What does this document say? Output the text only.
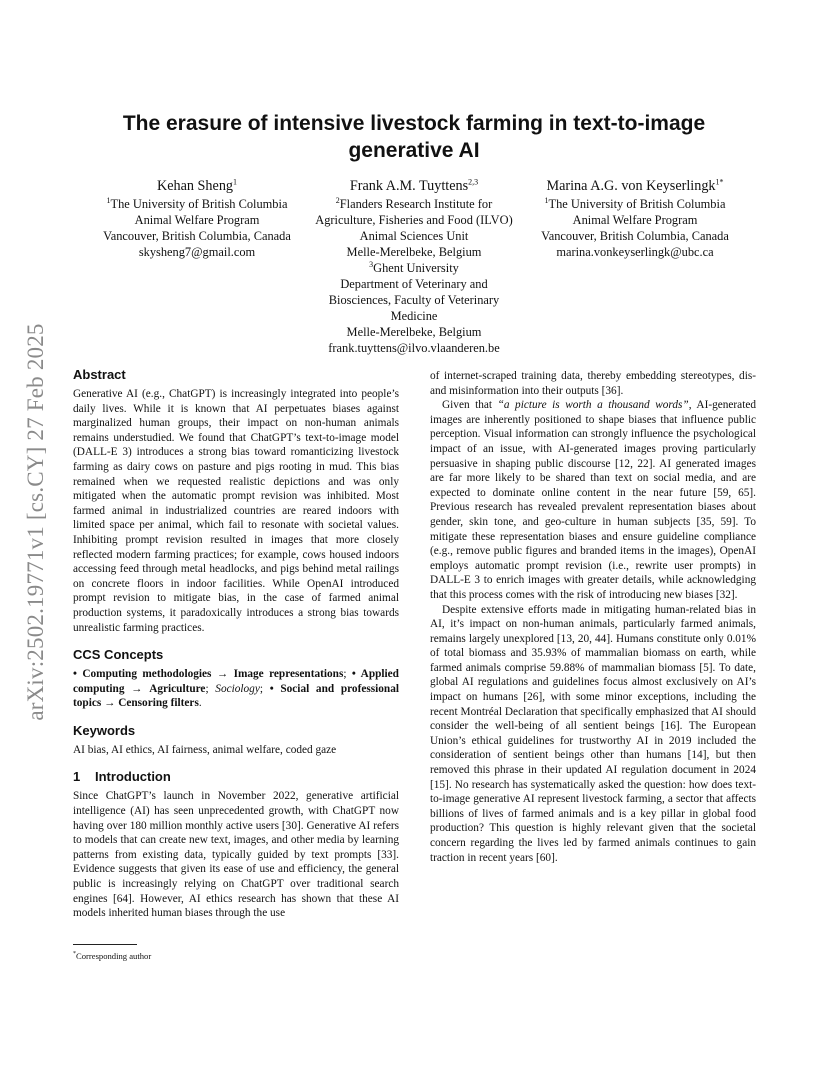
arXiv:2502.19771v1 [cs.CY] 27 Feb 2025
The erasure of intensive livestock farming in text-to-image generative AI
Kehan Sheng$^1$
$^1$The University of British Columbia
Animal Welfare Program
Vancouver, British Columbia, Canada
skysheng7@gmail.com
Frank A.M. Tuyttens$^{2,3}$
$^2$Flanders Research Institute for
Agriculture, Fisheries and Food (ILVO)
Animal Sciences Unit
Melle-Merelbeke, Belgium
$^3$Ghent University
Department of Veterinary and
Biosciences, Faculty of Veterinary
Medicine
Melle-Merelbeke, Belgium
frank.tuyttens@ilvo.vlaanderen.be
Marina A.G. von Keyserlingk$^{1*}$
$^1$The University of British Columbia
Animal Welfare Program
Vancouver, British Columbia, Canada
marina.vonkeyserlingk@ubc.ca
Abstract

Generative AI (e.g., ChatGPT) is increasingly integrated into people’s daily lives. While it is known that AI perpetuates biases against marginalized human groups, their impact on non-human animals remains understudied. We found that ChatGPT’s text-to-image model (DALL-E 3) introduces a strong bias toward romanticizing livestock farming as dairy cows on pasture and pigs rooting in mud. This bias remained when we requested realistic depictions and was only mitigated when the automatic prompt revision was inhibited. Most farmed animal in industrialized countries are reared indoors with limited space per animal, which fail to resonate with societal values. Inhibiting prompt revision resulted in images that more closely reflected modern farming practices; for example, cows housed indoors accessing feed through metal headlocks, and pigs behind metal railings on concrete floors in indoor facilities. While OpenAI introduced prompt revision to mitigate bias, in the case of farmed animal production systems, it paradoxically introduces a strong bias towards unrealistic farming practices.

CCS Concepts

• Computing methodologies → Image representations; • Applied computing → Agriculture; Sociology; • Social and professional topics → Censoring filters.

Keywords

AI bias, AI ethics, AI fairness, animal welfare, coded gaze

1 Introduction

Since ChatGPT’s launch in November 2022, generative artificial intelligence (AI) has seen unprecedented growth, with ChatGPT now having over 180 million monthly active users [30]. Generative AI refers to models that can create new text, images, and other media by learning patterns from existing data, typically guided by text prompts [33]. Evidence suggests that given its ease of use and efficiency, the general public is increasingly relying on ChatGPT over traditional search engines [64]. However, AI ethics research has shown that these AI models inherited human biases through the use

of internet-scraped training data, thereby embedding stereotypes, dis- and misinformation into their outputs [36].

Given that “a picture is worth a thousand words”, AI-generated images are inherently positioned to shape biases that influence public perception. Visual information can strongly influence the psychological impact of an issue, with AI-generated images proving particularly persuasive in shaping public discourse [12, 22]. AI generated images are far more likely to be shared than text on social media, and are expected to dominate online content in the near future [59, 65]. Previous research has revealed prevalent representation biases about gender, skin tone, and geo-culture in human subjects [35, 59]. To mitigate these representation biases and ensure guideline compliance (e.g., remove public figures and branded items in the images), OpenAI employs automatic prompt revision (i.e., rewrite user prompts) in DALL-E 3 to enrich images with greater details, while acknowledging that this process comes with the risk of introducing new biases [32].

Despite extensive efforts made in mitigating human-related bias in AI, it’s impact on non-human animals, particularly farmed animals, remains largely unexplored [13, 20, 44]. Humans constitute only 0.01% of total biomass and 35.93% of mammalian biomass on earth, while farmed animals comprise 59.88% of mammalian biomass [5]. To date, global AI regulations and guidelines focus almost exclusively on AI’s impact on humans [26], with some minor exceptions, including the recent Montréal Declaration that specifically emphasized that AI should consider the well-being of all sentient beings [16]. The European Union’s ethical guidelines for trustworthy AI in 2019 included the consideration of sentient beings other than humans [14], but then removed this phrase in their updated AI regulation document in 2024 [15]. No research has systematically asked the question: how does text-to-image generative AI represent livestock farming, a sector that affects billions of lives of farmed animals and is a key pillar in global food production? This question is highly relevant given that the societal concern regarding the lives led by farmed animals continues to gain traction in recent years [60].

*Corresponding author
